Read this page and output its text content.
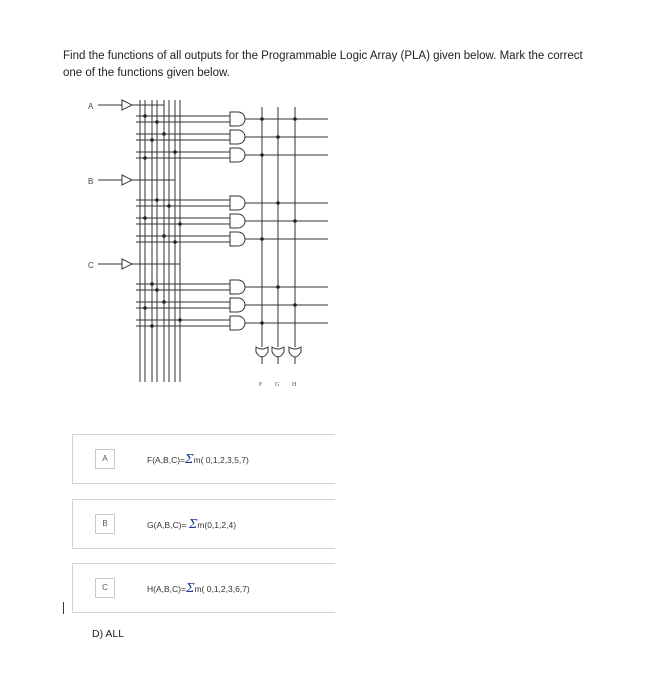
Find the functions of all outputs for the Programmable Logic Array (PLA) given below. Mark the correct one of the functions given below.
A
B
C
F G H
A	F(A,B,C)=Σm( 0,1,2,3,5,7)
B	G(A,B,C)= Σm(0,1,2,4)
C	H(A,B,C)=Σm( 0,1,2,3,6,7)
D) ALL
